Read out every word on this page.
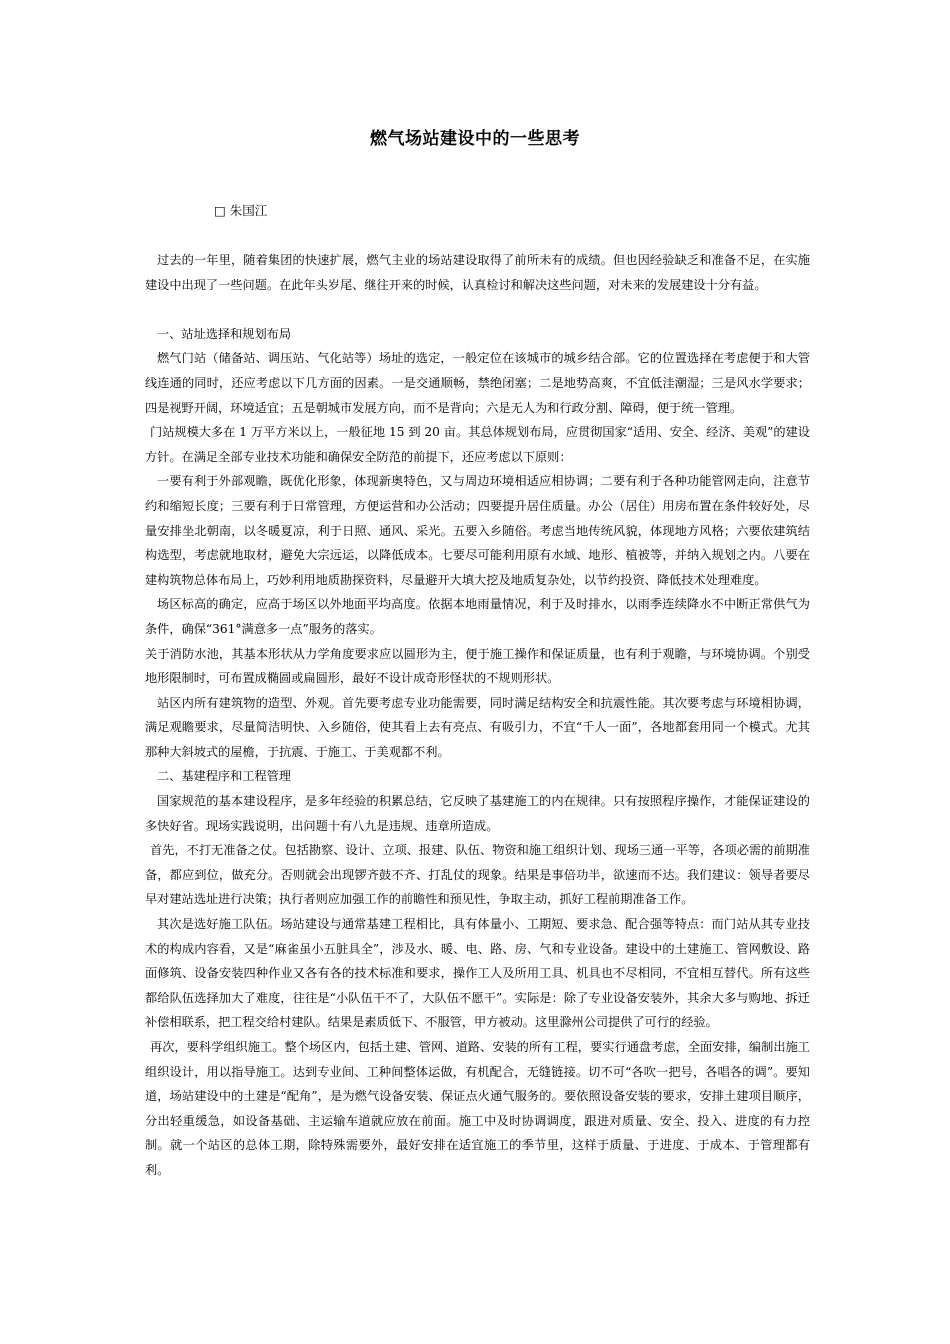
燃气场站建设中的一些思考
□ 朱国江

过去的一年里，随着集团的快速扩展，燃气主业的场站建设取得了前所未有的成绩。但也因经验缺乏和准备不足，在实施建设中出现了一些问题。在此年头岁尾、继往开来的时候，认真检讨和解决这些问题，对未来的发展建设十分有益。

一、站址选择和规划布局

燃气门站（储备站、调压站、气化站等）场址的选定，一般定位在该城市的城乡结合部。它的位置选择在考虑便于和大管线连通的同时，还应考虑以下几方面的因素。一是交通顺畅，禁绝闭塞；二是地势高爽，不宜低洼潮湿；三是风水学要求；四是视野开阔，环境适宜；五是朝城市发展方向，而不是背向；六是无人为和行政分割、障碍，便于统一管理。

门站规模大多在 1 万平方米以上，一般征地 15 到 20 亩。其总体规划布局，应贯彻国家“适用、安全、经济、美观”的建设方针。在满足全部专业技术功能和确保安全防范的前提下，还应考虑以下原则：

一要有利于外部观瞻，既优化形象，体现新奥特色，又与周边环境相适应相协调；二要有利于各种功能管网走向，注意节约和缩短长度；三要有利于日常管理，方便运营和办公活动；四要提升居住质量。办公（居住）用房布置在条件较好处，尽量安排坐北朝南，以冬暖夏凉，利于日照、通风、采光。五要入乡随俗。考虑当地传统风貌，体现地方风格；六要依建筑结构选型，考虑就地取材，避免大宗远运，以降低成本。七要尽可能利用原有水域、地形、植被等，并纳入规划之内。八要在建构筑物总体布局上，巧妙利用地质勘探资料，尽量避开大填大挖及地质复杂处，以节约投资、降低技术处理难度。

场区标高的确定，应高于场区以外地面平均高度。依据本地雨量情况，利于及时排水，以雨季连续降水不中断正常供气为条件，确保“361°满意多一点”服务的落实。

关于消防水池，其基本形状从力学角度要求应以圆形为主，便于施工操作和保证质量，也有利于观瞻，与环境协调。个别受地形限制时，可布置成椭圆或扁圆形，最好不设计成奇形怪状的不规则形状。

站区内所有建筑物的造型、外观。首先要考虑专业功能需要，同时满足结构安全和抗震性能。其次要考虑与环境相协调，满足观瞻要求，尽量简洁明快、入乡随俗，使其看上去有亮点、有吸引力，不宜“千人一面”，各地都套用同一个模式。尤其那种大斜坡式的屋檐，于抗震、于施工、于美观都不利。

二、基建程序和工程管理

国家规范的基本建设程序，是多年经验的积累总结，它反映了基建施工的内在规律。只有按照程序操作，才能保证建设的多快好省。现场实践说明，出问题十有八九是违规、违章所造成。

首先，不打无准备之仗。包括勘察、设计、立项、报建、队伍、物资和施工组织计划、现场三通一平等，各项必需的前期准备，都应到位，做充分。否则就会出现锣齐鼓不齐、打乱仗的现象。结果是事倍功半，欲速而不达。我们建议：领导者要尽早对建站选址进行决策；执行者则应加强工作的前瞻性和预见性，争取主动，抓好工程前期准备工作。

其次是选好施工队伍。场站建设与通常基建工程相比，具有体量小、工期短、要求急、配合强等特点：而门站从其专业技术的构成内容看，又是“麻雀虽小五脏具全”，涉及水、暖、电、路、房、气和专业设备。建设中的土建施工、管网敷设、路面修筑、设备安装四种作业又各有各的技术标准和要求，操作工人及所用工具、机具也不尽相同，不宜相互替代。所有这些都给队伍选择加大了难度，往往是“小队伍干不了，大队伍不愿干”。实际是：除了专业设备安装外，其余大多与购地、拆迁补偿相联系，把工程交给村建队。结果是素质低下、不服管，甲方被动。这里滁州公司提供了可行的经验。

再次，要科学组织施工。整个场区内，包括土建、管网、道路、安装的所有工程，要实行通盘考虑，全面安排，编制出施工组织设计，用以指导施工。达到专业间、工种间整体运做，有机配合，无缝链接。切不可“各吹一把号，各唱各的调”。要知道，场站建设中的土建是“配角”，是为燃气设备安装、保证点火通气服务的。要依照设备安装的要求，安排土建项目顺序，分出轻重缓急，如设备基础、主运输车道就应放在前面。施工中及时协调调度，跟进对质量、安全、投入、进度的有力控制。就一个站区的总体工期，除特殊需要外，最好安排在适宜施工的季节里，这样于质量、于进度、于成本、于管理都有利。
